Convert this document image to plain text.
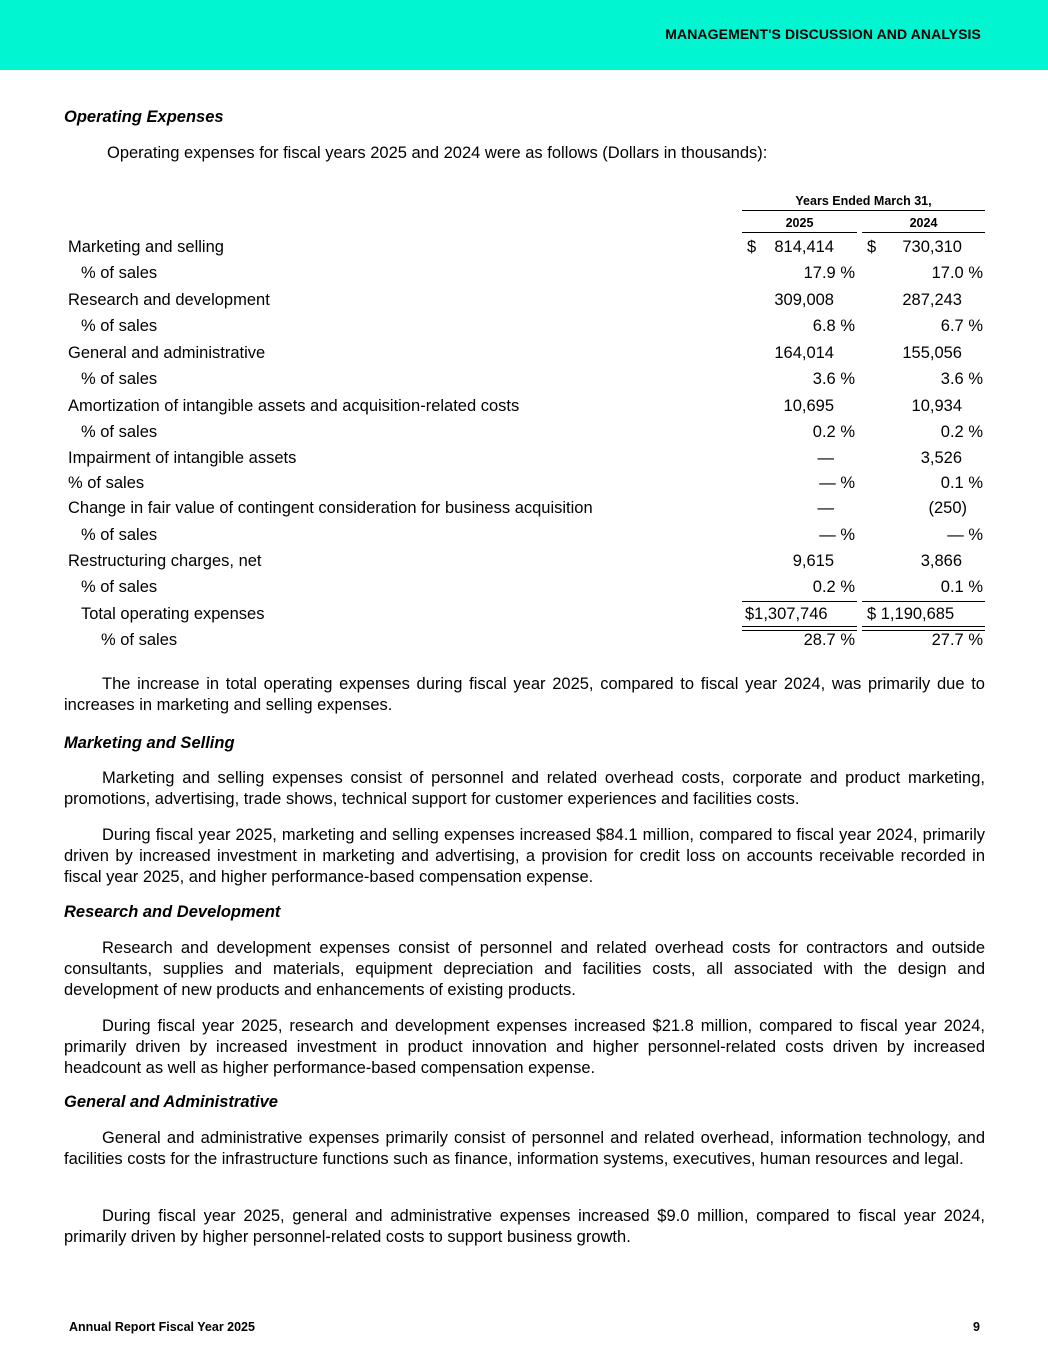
MANAGEMENT'S DISCUSSION AND ANALYSIS
Operating Expenses
Operating expenses for fiscal years 2025 and 2024 were as follows (Dollars in thousands):
Years Ended March 31,
2025	2024
Marketing and selling	$ 814,414 $ 730,310
% of sales	17.9 %	17.0 %
Research and development	309,008	287,243
% of sales	6.8 %	6.7 %
General and administrative	164,014	155,056
% of sales	3.6 %	3.6 %
Amortization of intangible assets and acquisition-related costs	10,695	10,934
% of sales	0.2 %	0.2 %
Impairment of intangible assets	—	3,526
% of sales	— %	0.1 %
Change in fair value of contingent consideration for business acquisition	—	(250)
% of sales	— %	— %
Restructuring charges, net	9,615	3,866
% of sales	0.2 %	0.1 %
Total operating expenses	$1,307,746 $ 1,190,685
% of sales	28.7 %	27.7 %
The increase in total operating expenses during fiscal year 2025, compared to fiscal year 2024, was primarily due to increases in marketing and selling expenses.
Marketing and Selling
Marketing and selling expenses consist of personnel and related overhead costs, corporate and product marketing, promotions, advertising, trade shows, technical support for customer experiences and facilities costs.
During fiscal year 2025, marketing and selling expenses increased $84.1 million, compared to fiscal year 2024, primarily driven by increased investment in marketing and advertising, a provision for credit loss on accounts receivable recorded in fiscal year 2025, and higher performance-based compensation expense.
Research and Development
Research and development expenses consist of personnel and related overhead costs for contractors and outside consultants, supplies and materials, equipment depreciation and facilities costs, all associated with the design and development of new products and enhancements of existing products.
During fiscal year 2025, research and development expenses increased $21.8 million, compared to fiscal year 2024, primarily driven by increased investment in product innovation and higher personnel-related costs driven by increased headcount as well as higher performance-based compensation expense.
General and Administrative
General and administrative expenses primarily consist of personnel and related overhead, information technology, and facilities costs for the infrastructure functions such as finance, information systems, executives, human resources and legal.
During fiscal year 2025, general and administrative expenses increased $9.0 million, compared to fiscal year 2024, primarily driven by higher personnel-related costs to support business growth.
Annual Report Fiscal Year 2025	9
